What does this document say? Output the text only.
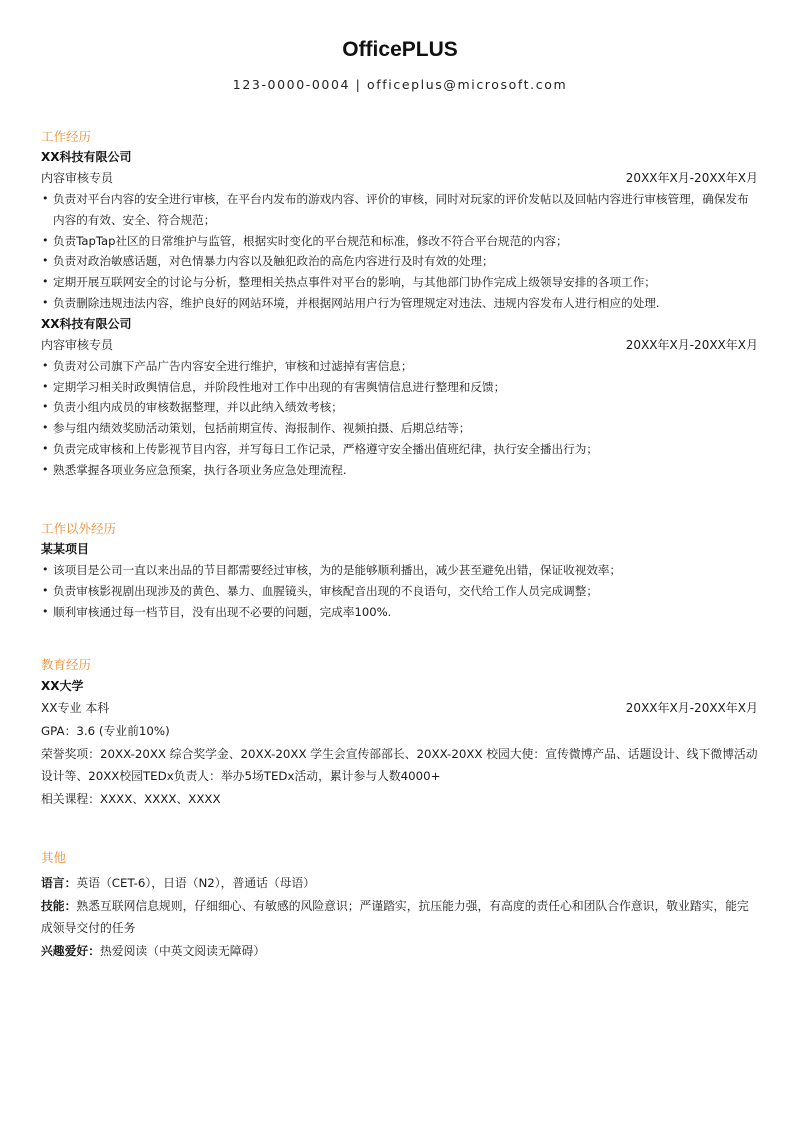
OfficePLUS
123-0000-0004 | officeplus@microsoft.com
工作经历
XX科技有限公司
内容审核专员	20XX年X月-20XX年X月
• 负责对平台内容的安全进行审核，在平台内发布的游戏内容、评价的审核，同时对玩家的评价发帖以及回帖内容进行审核管理，确保发布内容的有效、安全、符合规范；
• 负责TapTap社区的日常维护与监管，根据实时变化的平台规范和标准，修改不符合平台规范的内容；
• 负责对政治敏感话题，对色情暴力内容以及触犯政治的高危内容进行及时有效的处理；
• 定期开展互联网安全的讨论与分析，整理相关热点事件对平台的影响，与其他部门协作完成上级领导安排的各项工作；
• 负责删除违规违法内容，维护良好的网站环境，并根据网站用户行为管理规定对违法、违规内容发布人进行相应的处理.
XX科技有限公司
内容审核专员	20XX年X月-20XX年X月
• 负责对公司旗下产品广告内容安全进行维护，审核和过滤掉有害信息；
• 定期学习相关时政舆情信息，并阶段性地对工作中出现的有害舆情信息进行整理和反馈；
• 负责小组内成员的审核数据整理，并以此纳入绩效考核；
• 参与组内绩效奖励活动策划，包括前期宣传、海报制作、视频拍摄、后期总结等；
• 负责完成审核和上传影视节目内容，并写每日工作记录，严格遵守安全播出值班纪律，执行安全播出行为；
• 熟悉掌握各项业务应急预案，执行各项业务应急处理流程.
工作以外经历
某某项目
• 该项目是公司一直以来出品的节目都需要经过审核，为的是能够顺利播出，减少甚至避免出错，保证收视效率；
• 负责审核影视剧出现涉及的黄色、暴力、血腥镜头，审核配音出现的不良语句，交代给工作人员完成调整；
• 顺利审核通过每一档节目，没有出现不必要的问题，完成率100%.
教育经历
XX大学
XX专业 本科	20XX年X月-20XX年X月
GPA：3.6 (专业前10%)
荣誉奖项：20XX-20XX 综合奖学金、20XX-20XX 学生会宣传部部长、20XX-20XX 校园大使：宣传微博产品、话题设计、线下微博活动设计等、20XX校园TEDx负责人：举办5场TEDx活动，累计参与人数4000+
相关课程：XXXX、XXXX、XXXX
其他
语言：英语（CET-6），日语（N2），普通话（母语）
技能：熟悉互联网信息规则，仔细细心、有敏感的风险意识；严谨踏实，抗压能力强，有高度的责任心和团队合作意识，敬业踏实，能完成领导交付的任务
兴趣爱好：热爱阅读（中英文阅读无障碍）
